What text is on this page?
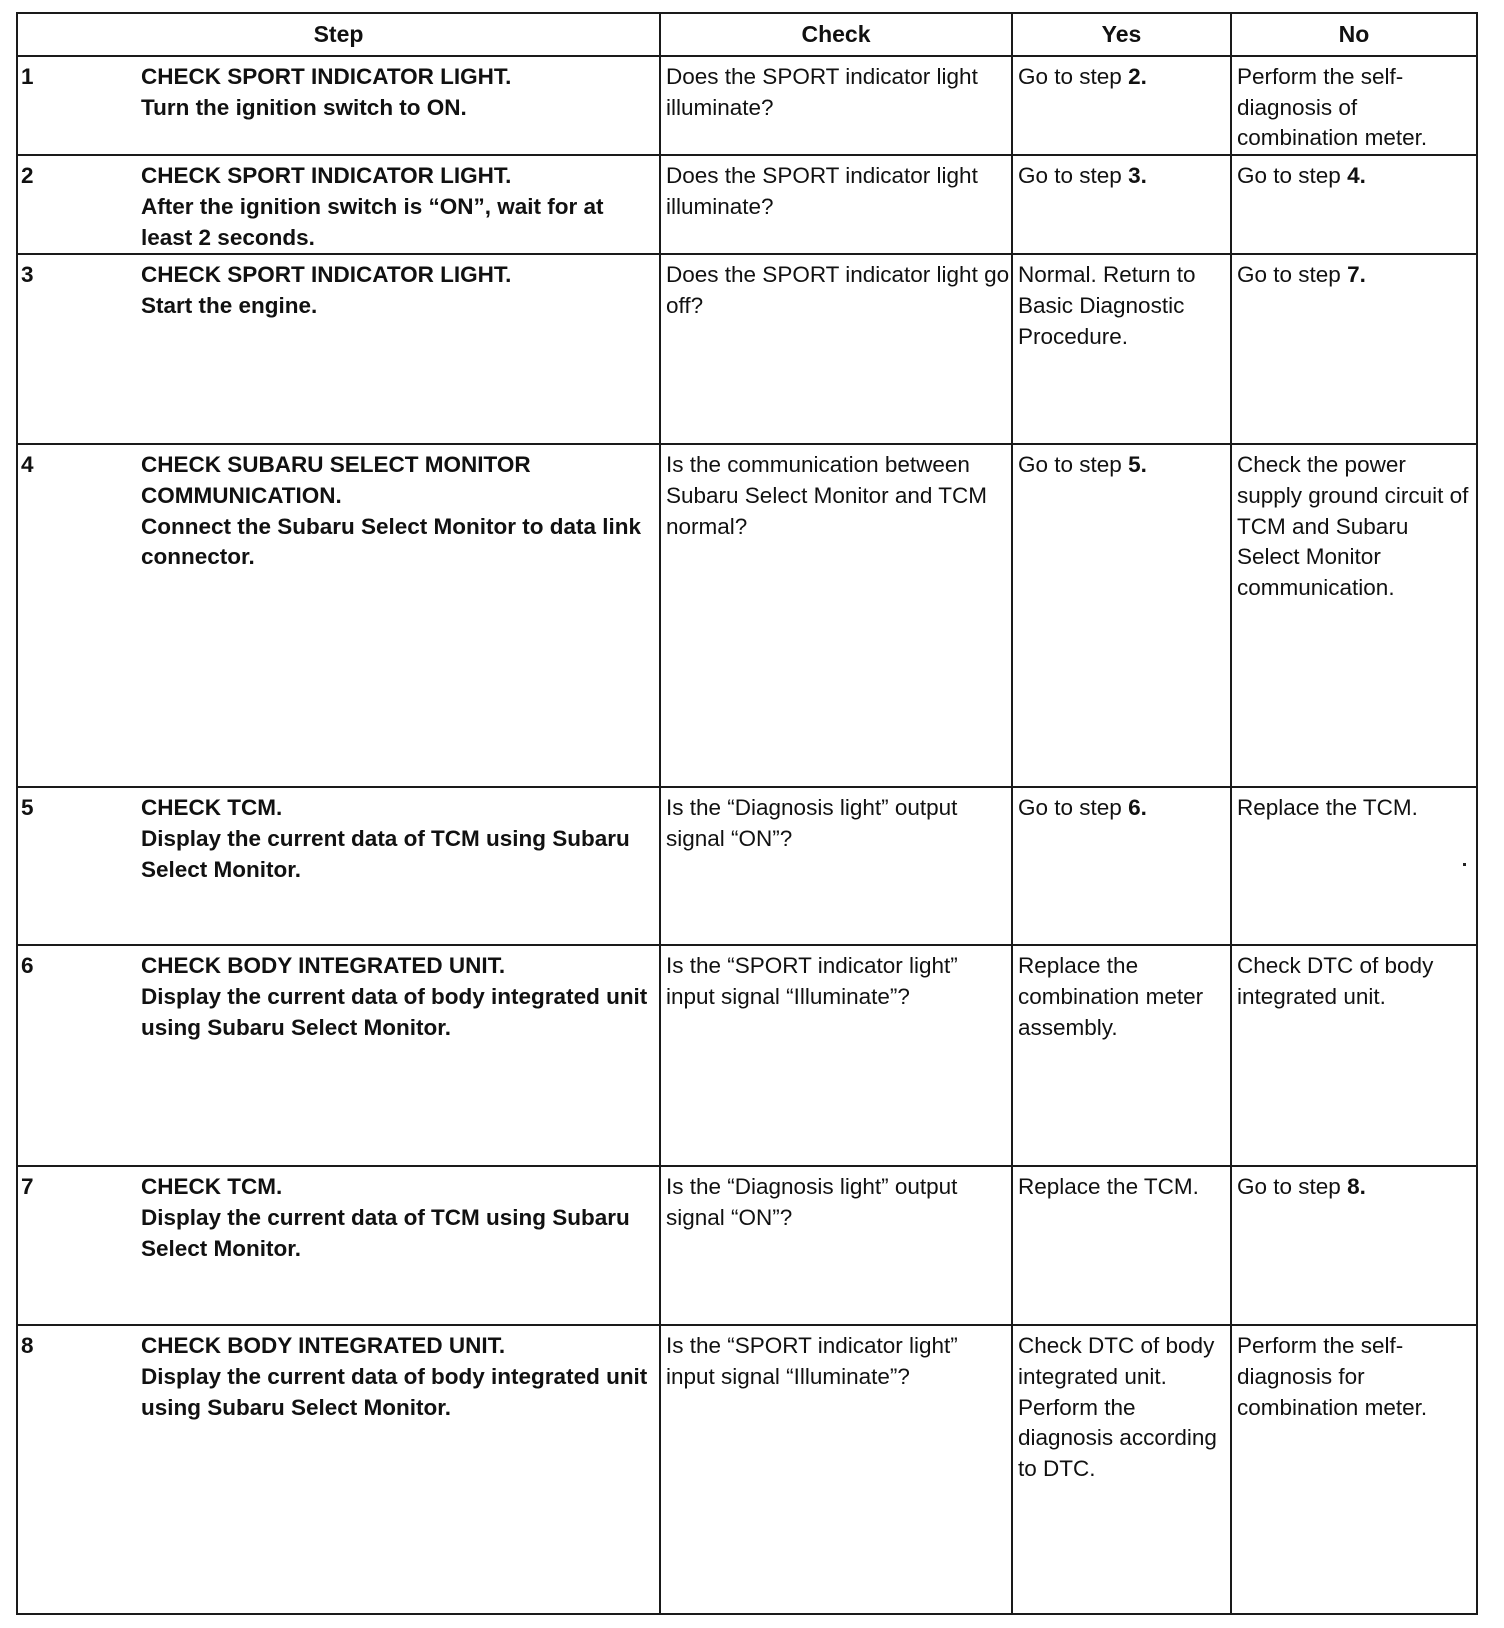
Step	Check	Yes	No

1 CHECK SPORT INDICATOR LIGHT.
Turn the ignition switch to ON.	Does the SPORT indicator light illuminate?	Go to step 2.	Perform the self-diagnosis of combination meter.

2 CHECK SPORT INDICATOR LIGHT.
After the ignition switch is “ON”, wait for at least 2 seconds.	Does the SPORT indicator light illuminate?	Go to step 3.	Go to step 4.

3 CHECK SPORT INDICATOR LIGHT.
Start the engine.	Does the SPORT indicator light go off?	Normal. Return to Basic Diagnostic Procedure.	Go to step 7.

4 CHECK SUBARU SELECT MONITOR COMMUNICATION.
Connect the Subaru Select Monitor to data link connector.	Is the communication between Subaru Select Monitor and TCM normal?	Go to step 5.	Check the power supply ground circuit of TCM and Subaru Select Monitor communication.

5 CHECK TCM.
Display the current data of TCM using Subaru Select Monitor.	Is the “Diagnosis light” output signal “ON”?	Go to step 6.	Replace the TCM.

6 CHECK BODY INTEGRATED UNIT.
Display the current data of body integrated unit using Subaru Select Monitor.	Is the “SPORT indicator light” input signal “Illuminate”?	Replace the combination meter assembly.	Check DTC of body integrated unit.

7 CHECK TCM.
Display the current data of TCM using Subaru Select Monitor.	Is the “Diagnosis light” output signal “ON”?	Replace the TCM.	Go to step 8.

8 CHECK BODY INTEGRATED UNIT.
Display the current data of body integrated unit using Subaru Select Monitor.	Is the “SPORT indicator light” input signal “Illuminate”?	Check DTC of body integrated unit. Perform the diagnosis according to DTC.	Perform the self-diagnosis for combination meter.
